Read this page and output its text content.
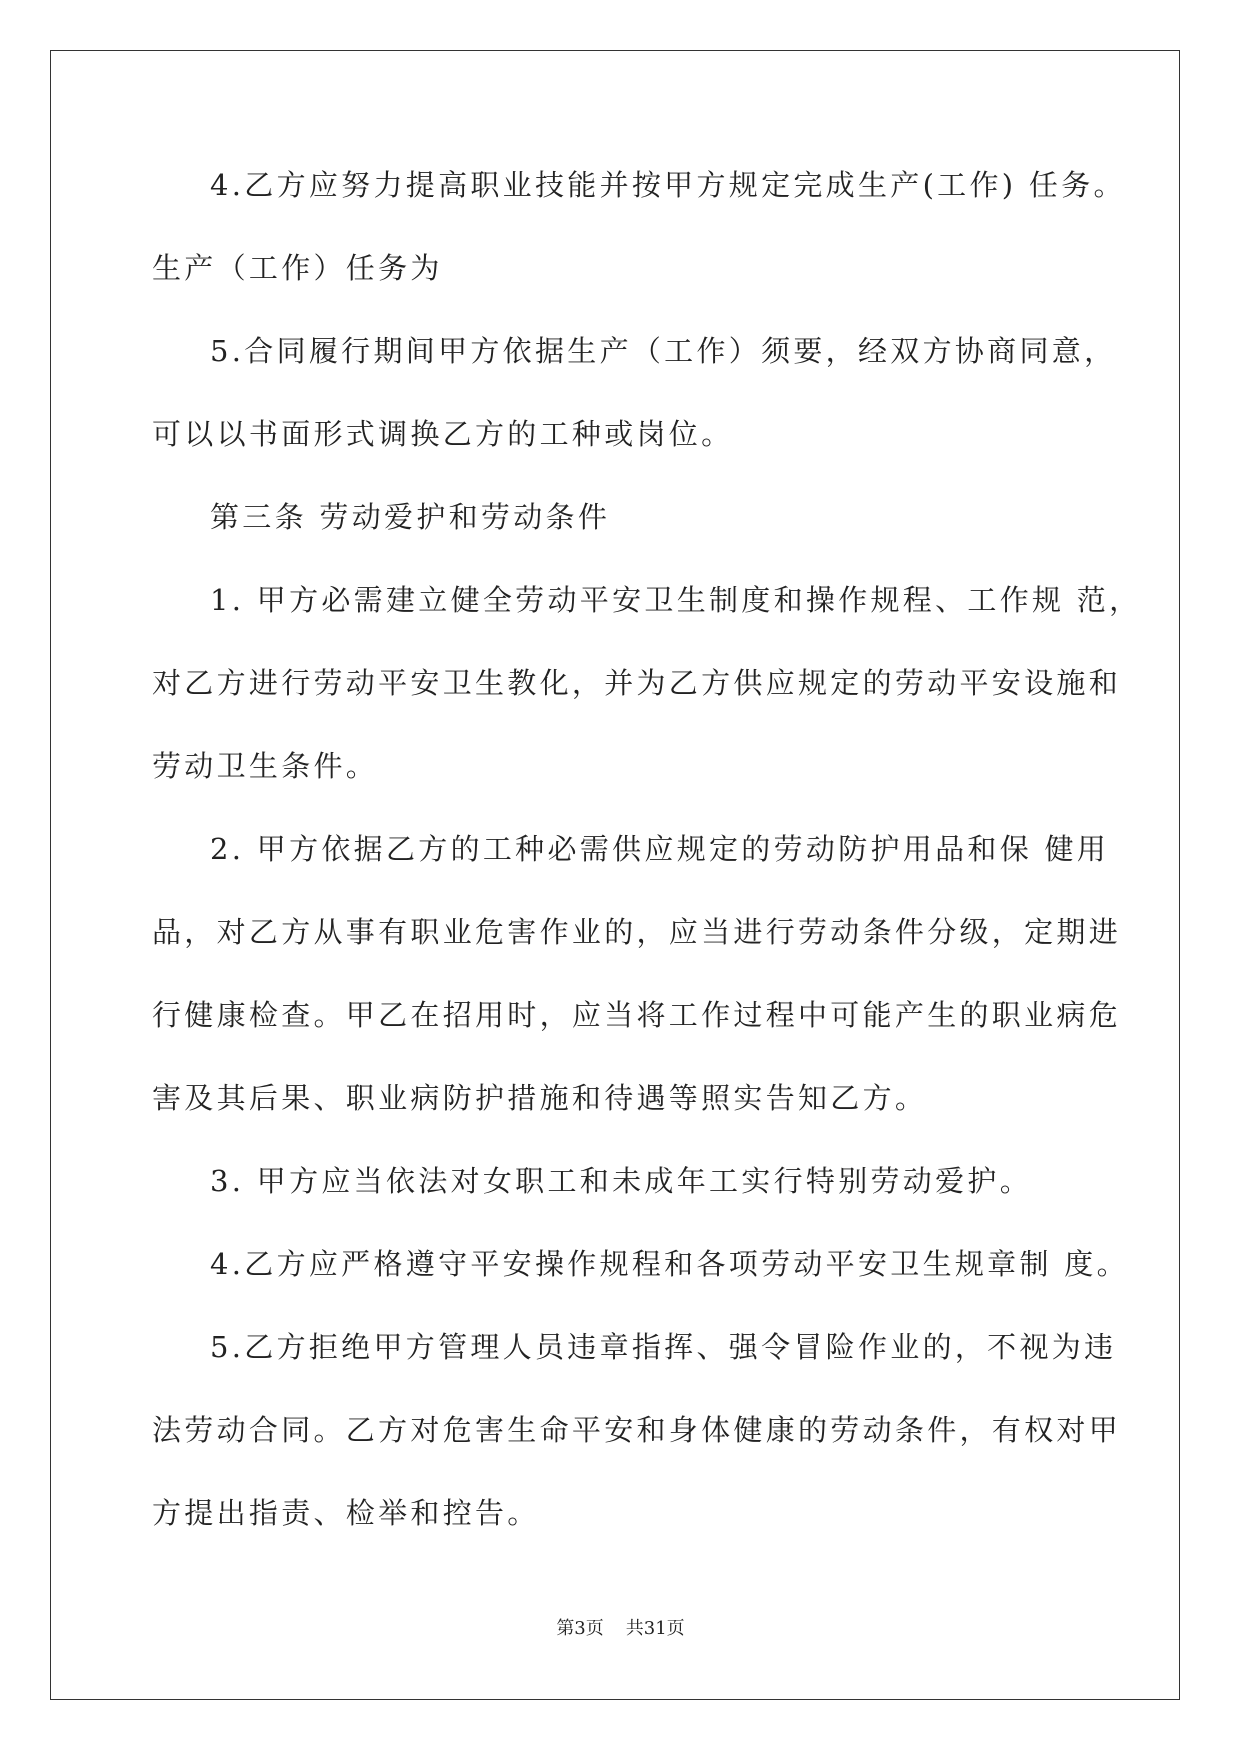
4.乙方应努力提高职业技能并按甲方规定完成生产(工作) 任务。
生产（工作）任务为
5.合同履行期间甲方依据生产（工作）须要，经双方协商同意，
可以以书面形式调换乙方的工种或岗位。
第三条 劳动爱护和劳动条件
1. 甲方必需建立健全劳动平安卫生制度和操作规程、工作规 范，
对乙方进行劳动平安卫生教化，并为乙方供应规定的劳动平安设施和
劳动卫生条件。
2. 甲方依据乙方的工种必需供应规定的劳动防护用品和保 健用
品，对乙方从事有职业危害作业的，应当进行劳动条件分级，定期进
行健康检查。甲乙在招用时，应当将工作过程中可能产生的职业病危
害及其后果、职业病防护措施和待遇等照实告知乙方。
3. 甲方应当依法对女职工和未成年工实行特别劳动爱护。
4.乙方应严格遵守平安操作规程和各项劳动平安卫生规章制 度。
5.乙方拒绝甲方管理人员违章指挥、强令冒险作业的，不视为违
法劳动合同。乙方对危害生命平安和身体健康的劳动条件，有权对甲
方提出指责、检举和控告。
第3页 共31页
